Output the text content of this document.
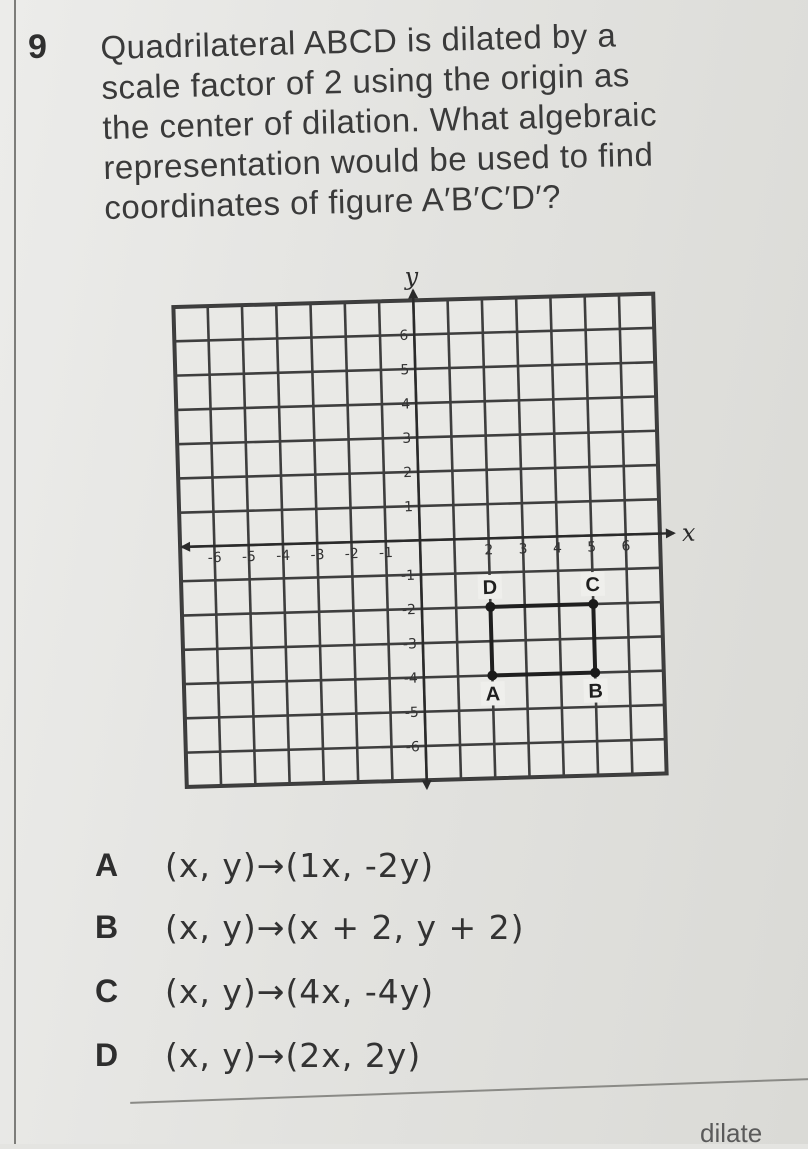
9 Quadrilateral ABCD is dilated by a
scale factor of 2 using the origin as
the center of dilation. What algebraic
representation would be used to find
coordinates of figure A′B′C′D′?
x
y
-6 -5 -4 -3 -2 -1	2 3 4 5 6
6
5
4
3
2
1
-1
-2
-3
-4
-5
-6
A	B
C
D
A	(x, y)→(1x, -2y)
B	(x, y)→(x + 2, y + 2)
C	(x, y)→(4x, -4y)
D	(x, y)→(2x, 2y)
dilate
